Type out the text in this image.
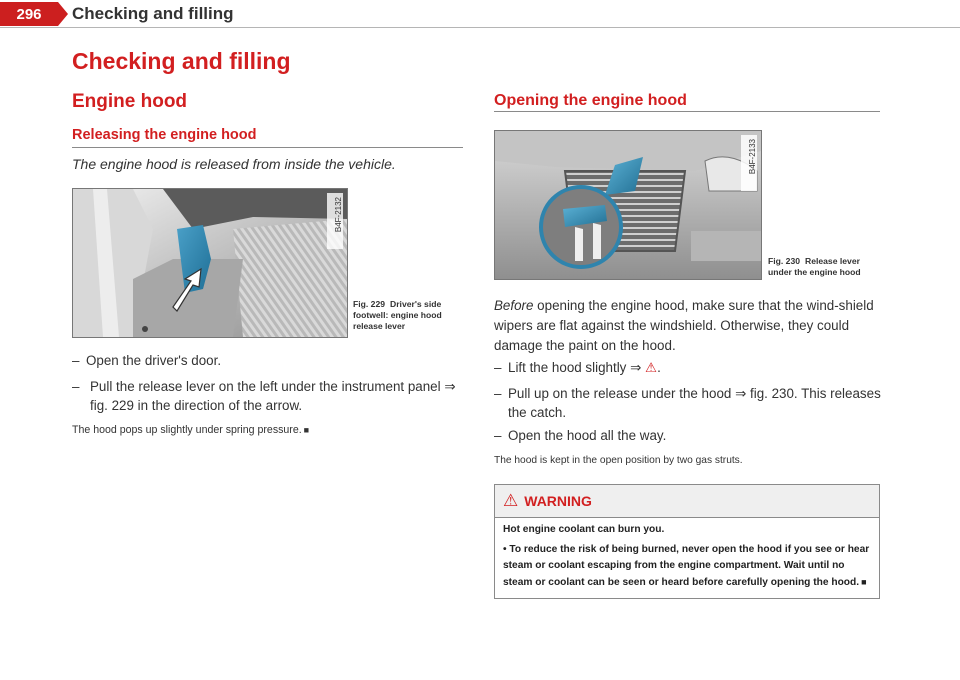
296	Checking and filling
Checking and filling
Engine hood
Releasing the engine hood
The engine hood is released from inside the vehicle.
B4F-2132
Fig. 229 Driver's side footwell: engine hood release lever
– Open the driver's door.
– Pull the release lever on the left under the instrument panel ⇒ fig. 229 in the direction of the arrow.
The hood pops up slightly under spring pressure. ■
Opening the engine hood
B4F-2133
Fig. 230 Release lever under the engine hood
Before opening the engine hood, make sure that the wind-shield wipers are flat against the windshield. Otherwise, they could damage the paint on the hood.
– Lift the hood slightly ⇒ ⚠.
– Pull up on the release under the hood ⇒ fig. 230. This releases the catch.
– Open the hood all the way.
The hood is kept in the open position by two gas struts.
⚠ WARNING

Hot engine coolant can burn you.

• To reduce the risk of being burned, never open the hood if you see or hear steam or coolant escaping from the engine compartment. Wait until no steam or coolant can be seen or heard before carefully opening the hood. ■
